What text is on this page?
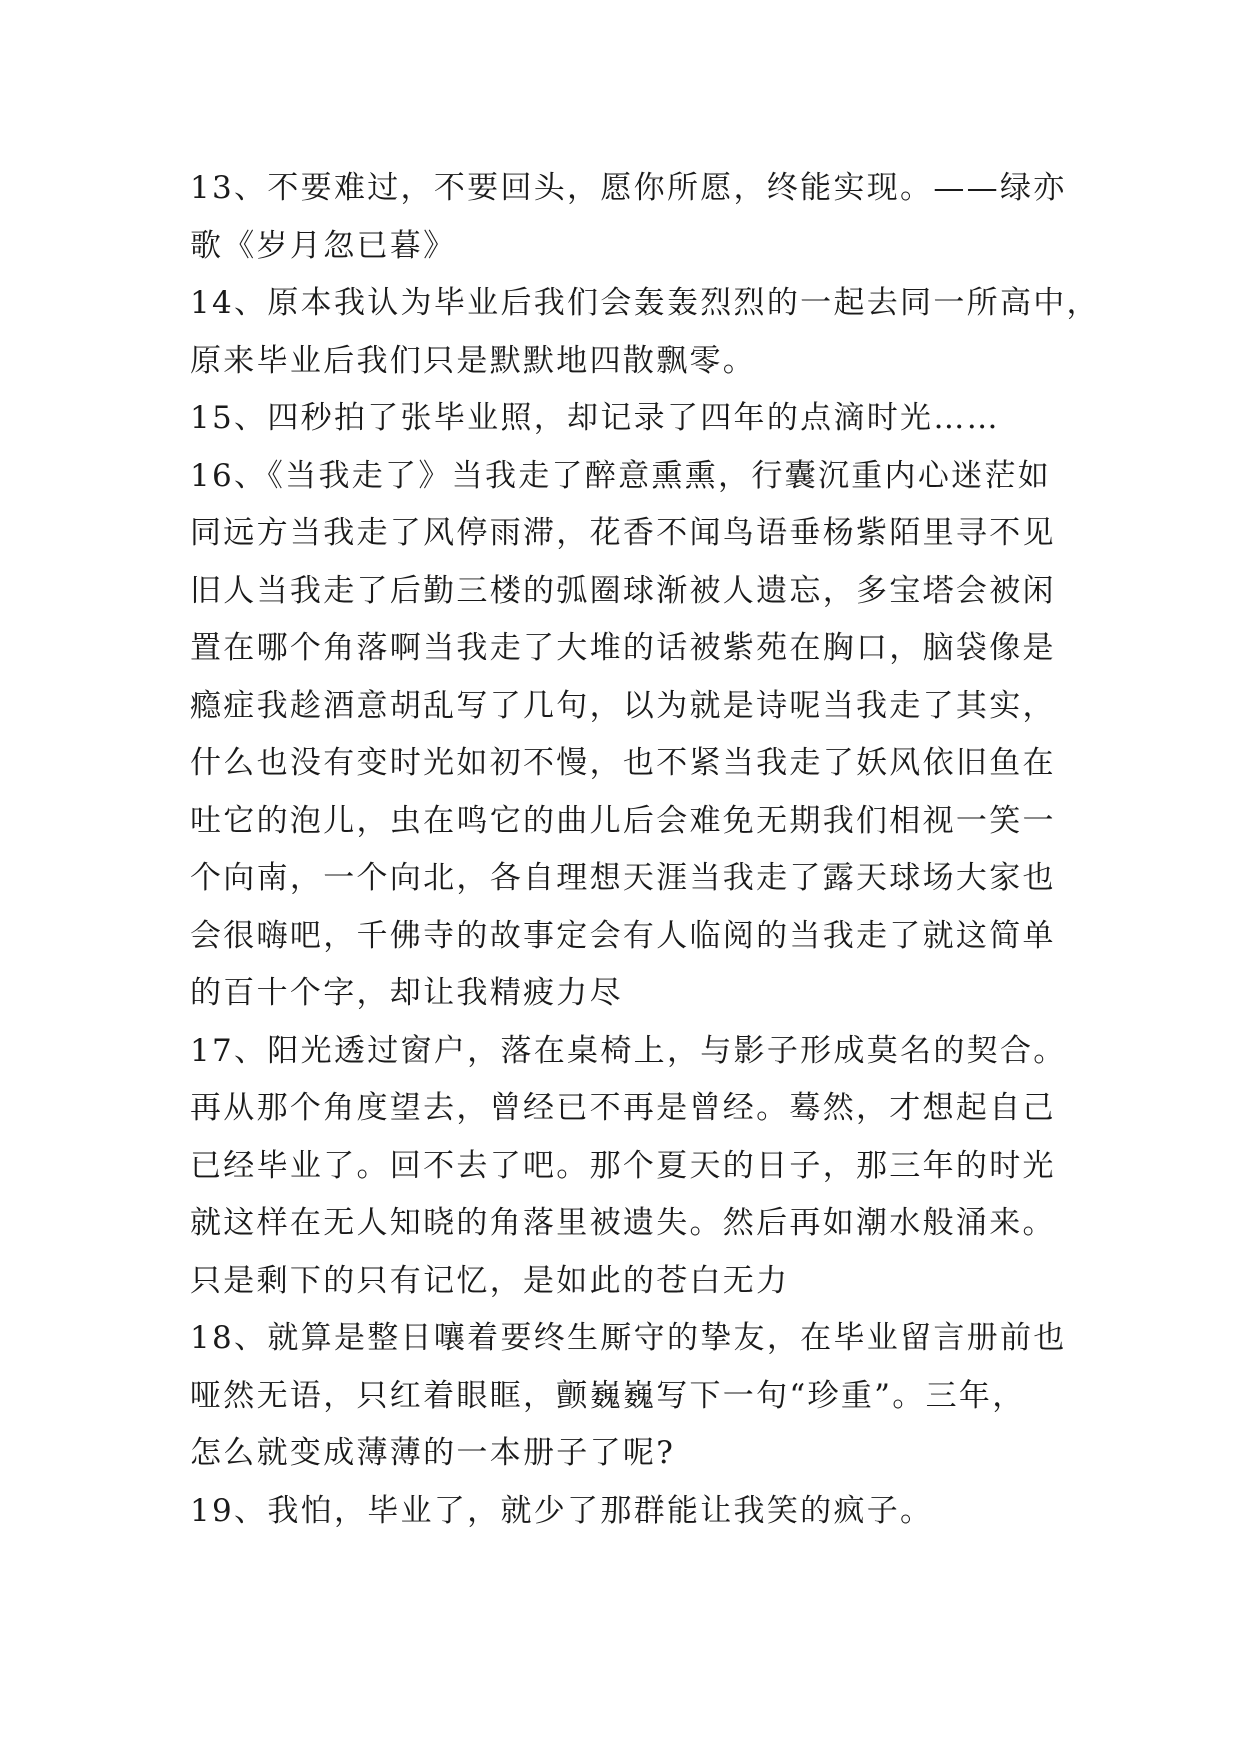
13、不要难过，不要回头，愿你所愿，终能实现。——绿亦
歌《岁月忽已暮》
14、原本我认为毕业后我们会轰轰烈烈的一起去同一所高中，
原来毕业后我们只是默默地四散飘零。
15、四秒拍了张毕业照，却记录了四年的点滴时光……
16、《当我走了》当我走了醉意熏熏，行囊沉重内心迷茫如
同远方当我走了风停雨滞，花香不闻鸟语垂杨紫陌里寻不见
旧人当我走了后勤三楼的弧圈球渐被人遗忘，多宝塔会被闲
置在哪个角落啊当我走了大堆的话被紫苑在胸口，脑袋像是
瘾症我趁酒意胡乱写了几句，以为就是诗呢当我走了其实，
什么也没有变时光如初不慢，也不紧当我走了妖风依旧鱼在
吐它的泡儿，虫在鸣它的曲儿后会难免无期我们相视一笑一
个向南，一个向北，各自理想天涯当我走了露天球场大家也
会很嗨吧，千佛寺的故事定会有人临阅的当我走了就这简单
的百十个字，却让我精疲力尽
17、阳光透过窗户，落在桌椅上，与影子形成莫名的契合。
再从那个角度望去，曾经已不再是曾经。蓦然，才想起自己
已经毕业了。回不去了吧。那个夏天的日子，那三年的时光
就这样在无人知晓的角落里被遗失。然后再如潮水般涌来。
只是剩下的只有记忆，是如此的苍白无力
18、就算是整日嚷着要终生厮守的挚友，在毕业留言册前也
哑然无语，只红着眼眶，颤巍巍写下一句“珍重”。三年，
怎么就变成薄薄的一本册子了呢?
19、我怕，毕业了，就少了那群能让我笑的疯子。
